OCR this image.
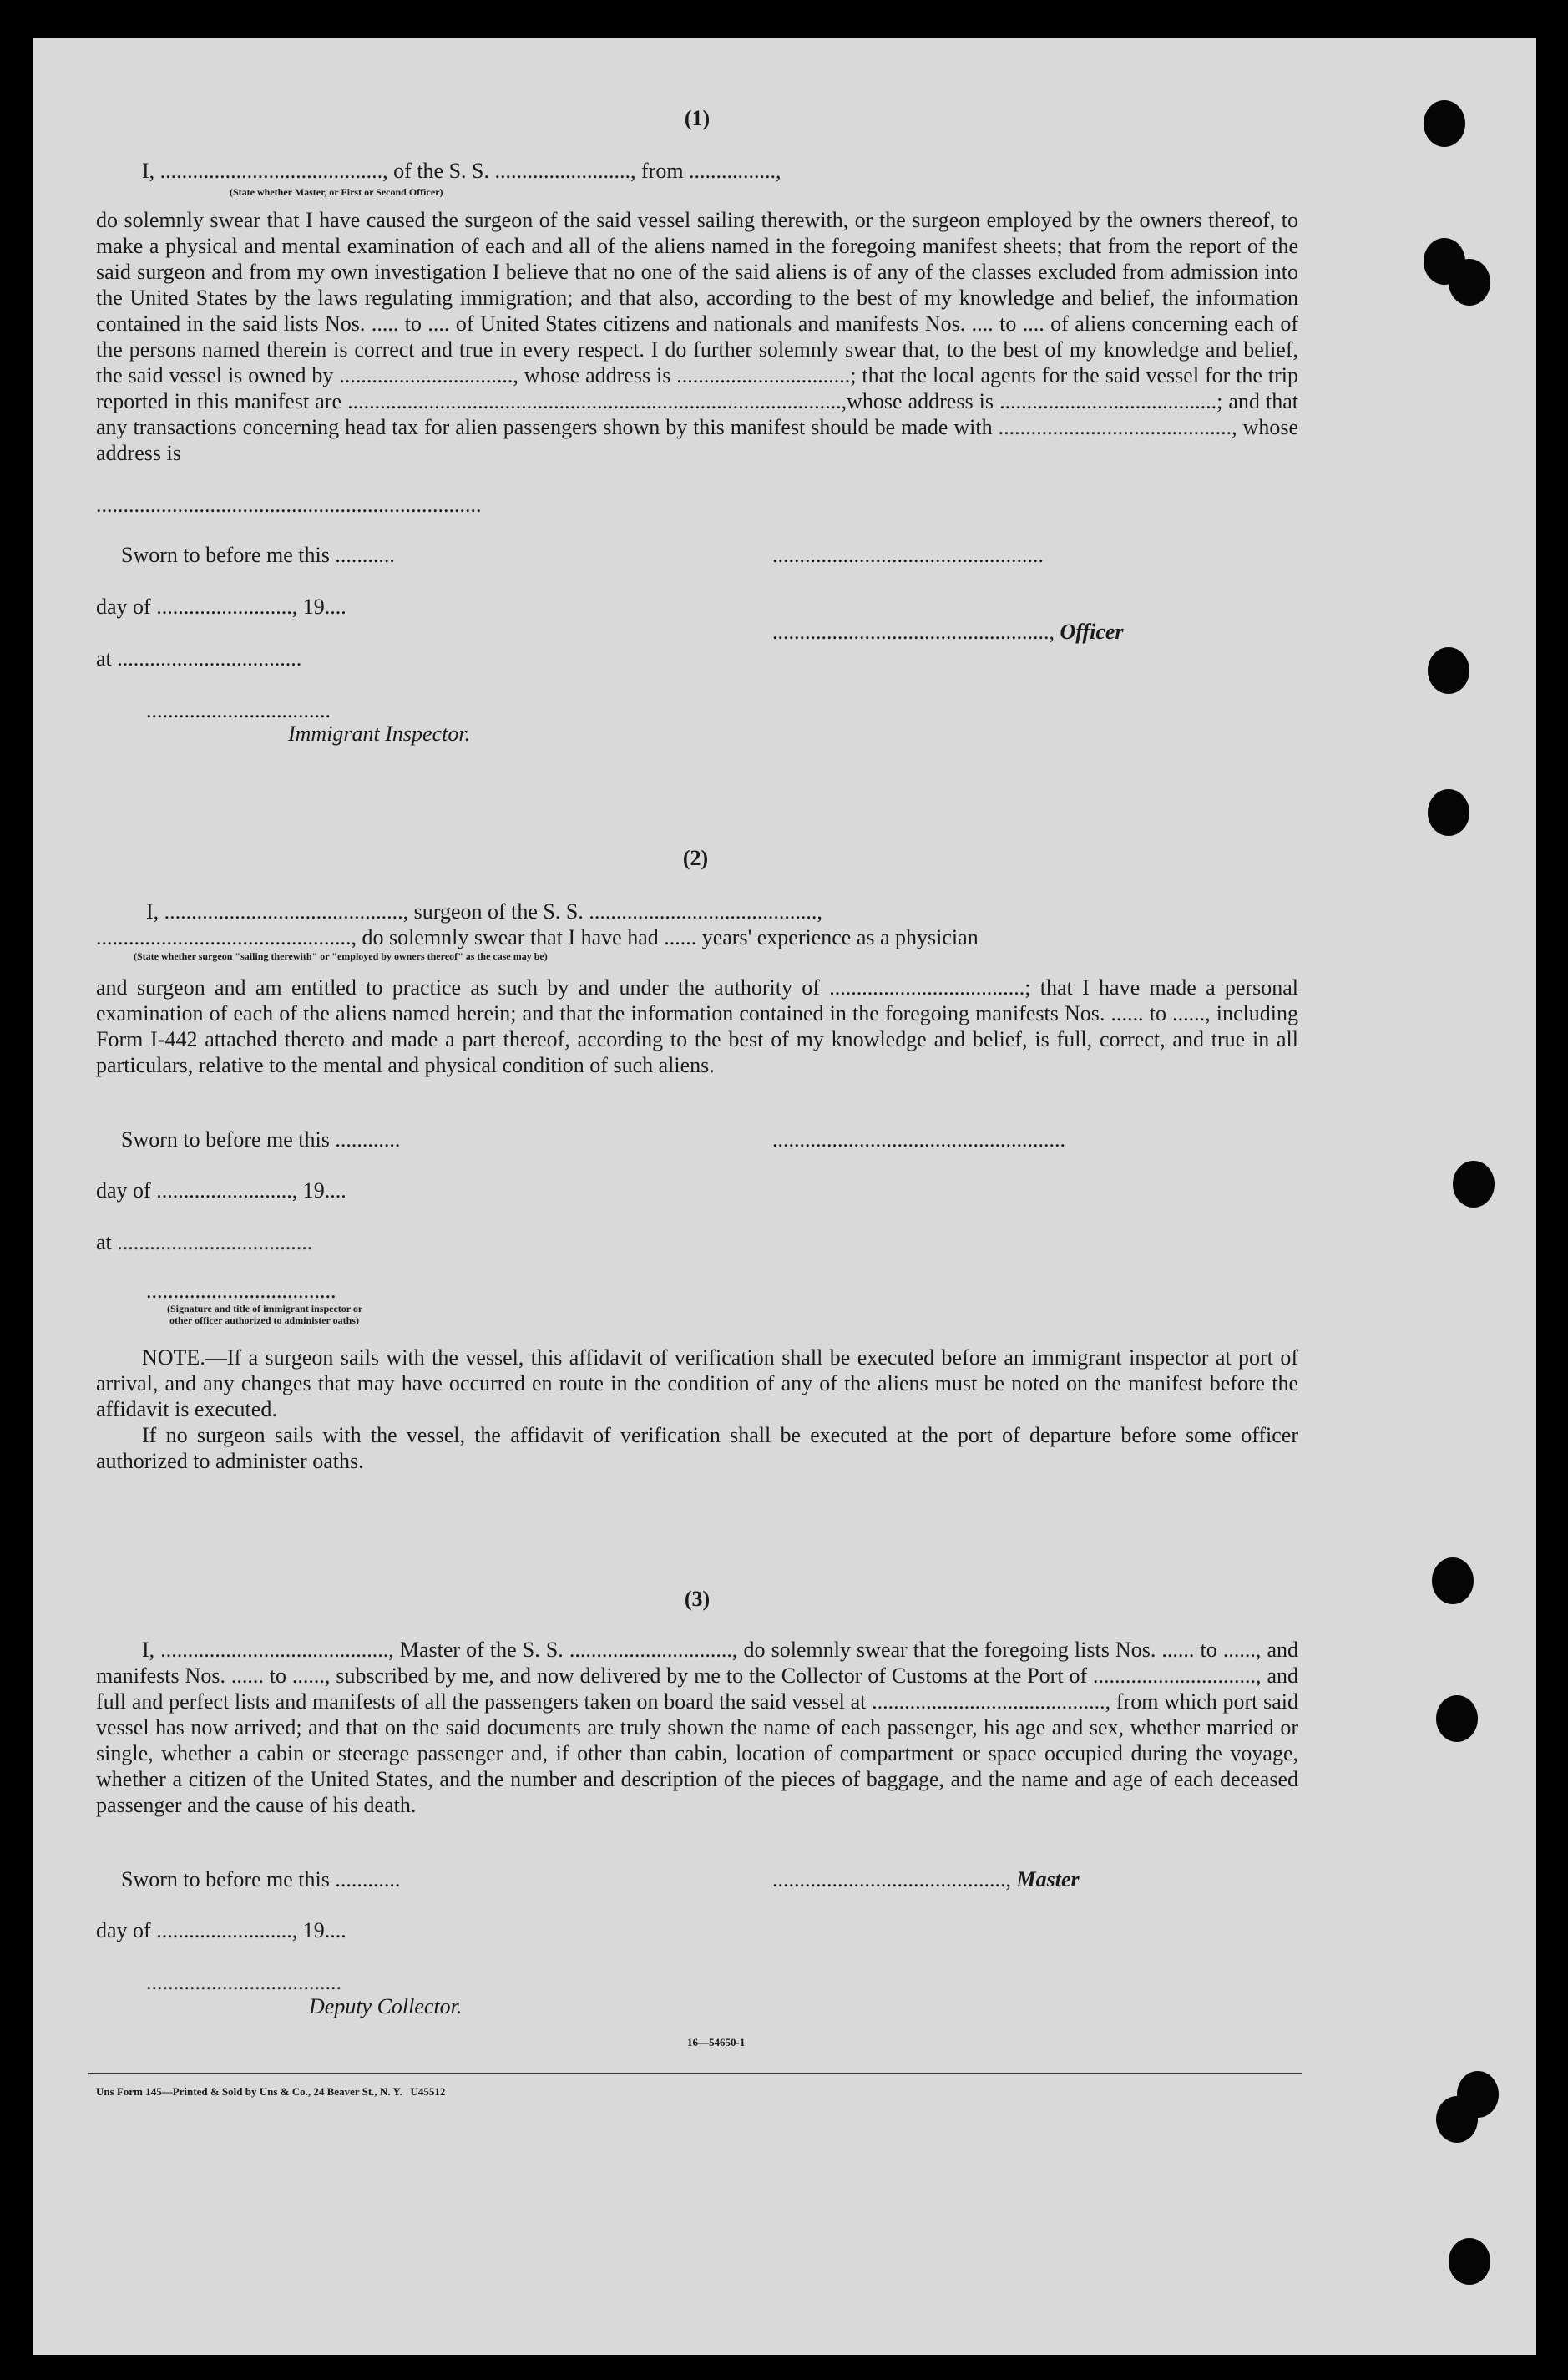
(1)
I, ........................................., of the S. S. ........................., from ................,
(State whether Master, or First or Second Officer)

do solemnly swear that I have caused the surgeon of the said vessel sailing therewith, or the surgeon employed by the owners thereof, to make a physical and mental examination of each and all of the aliens named in the foregoing manifest sheets; that from the report of the said surgeon and from my own investigation I believe that no one of the said aliens is of any of the classes excluded from admission into the United States by the laws regulating immigration; and that also, according to the best of my knowledge and belief, the information contained in the said lists Nos. ..... to .... of United States citizens and nationals and manifests Nos. .... to .... of aliens concerning each of the persons named therein is correct and true in every respect. I do further solemnly swear that, to the best of my knowledge and belief, the said vessel is owned by ................................, whose address is ................................; that the local agents for the said vessel for the trip reported in this manifest are ...........................................................................................,whose address is ........................................; and that any transactions concerning head tax for alien passengers shown by this manifest should be made with ..........................................., whose address is

.......................................................................
Sworn to before me this ...........	..................................................
day of ........................., 19....
..................................................., Officer
at ..................................
..................................
Immigrant Inspector.
(2)
I, ............................................, surgeon of the S. S. ..........................................,
..............................................., do solemnly swear that I have had ...... years' experience as a physician
(State whether surgeon "sailing therewith" or "employed by owners thereof" as the case may be)

and surgeon and am entitled to practice as such by and under the authority of ....................................; that I have made a personal examination of each of the aliens named herein; and that the information contained in the foregoing manifests Nos. ...... to ......, including Form I-442 attached thereto and made a part thereof, according to the best of my knowledge and belief, is full, correct, and true in all particulars, relative to the mental and physical condition of such aliens.

Sworn to before me this ............	......................................................
day of ........................., 19....
at ....................................
...................................
(Signature and title of immigrant inspector or
other officer authorized to administer oaths)

NOTE.—If a surgeon sails with the vessel, this affidavit of verification shall be executed before an immigrant inspector at port of arrival, and any changes that may have occurred en route in the condition of any of the aliens must be noted on the manifest before the affidavit is executed.

If no surgeon sails with the vessel, the affidavit of verification shall be executed at the port of departure before some officer authorized to administer oaths.

(3)

I, .........................................., Master of the S. S. .............................., do solemnly swear that the foregoing lists Nos. ...... to ......, and manifests Nos. ...... to ......, subscribed by me, and now delivered by me to the Collector of Customs at the Port of .............................., and full and perfect lists and manifests of all the passengers taken on board the said vessel at ..........................................., from which port said vessel has now arrived; and that on the said documents are truly shown the name of each passenger, his age and sex, whether married or single, whether a cabin or steerage passenger and, if other than cabin, location of compartment or space occupied during the voyage, whether a citizen of the United States, and the number and description of the pieces of baggage, and the name and age of each deceased passenger and the cause of his death.

Sworn to before me this ............	..........................................., Master
day of ........................., 19....
....................................
Deputy Collector.
16—54650-1
Uns Form 145—Printed & Sold by Uns & Co., 24 Beaver St., N. Y.   U45512
